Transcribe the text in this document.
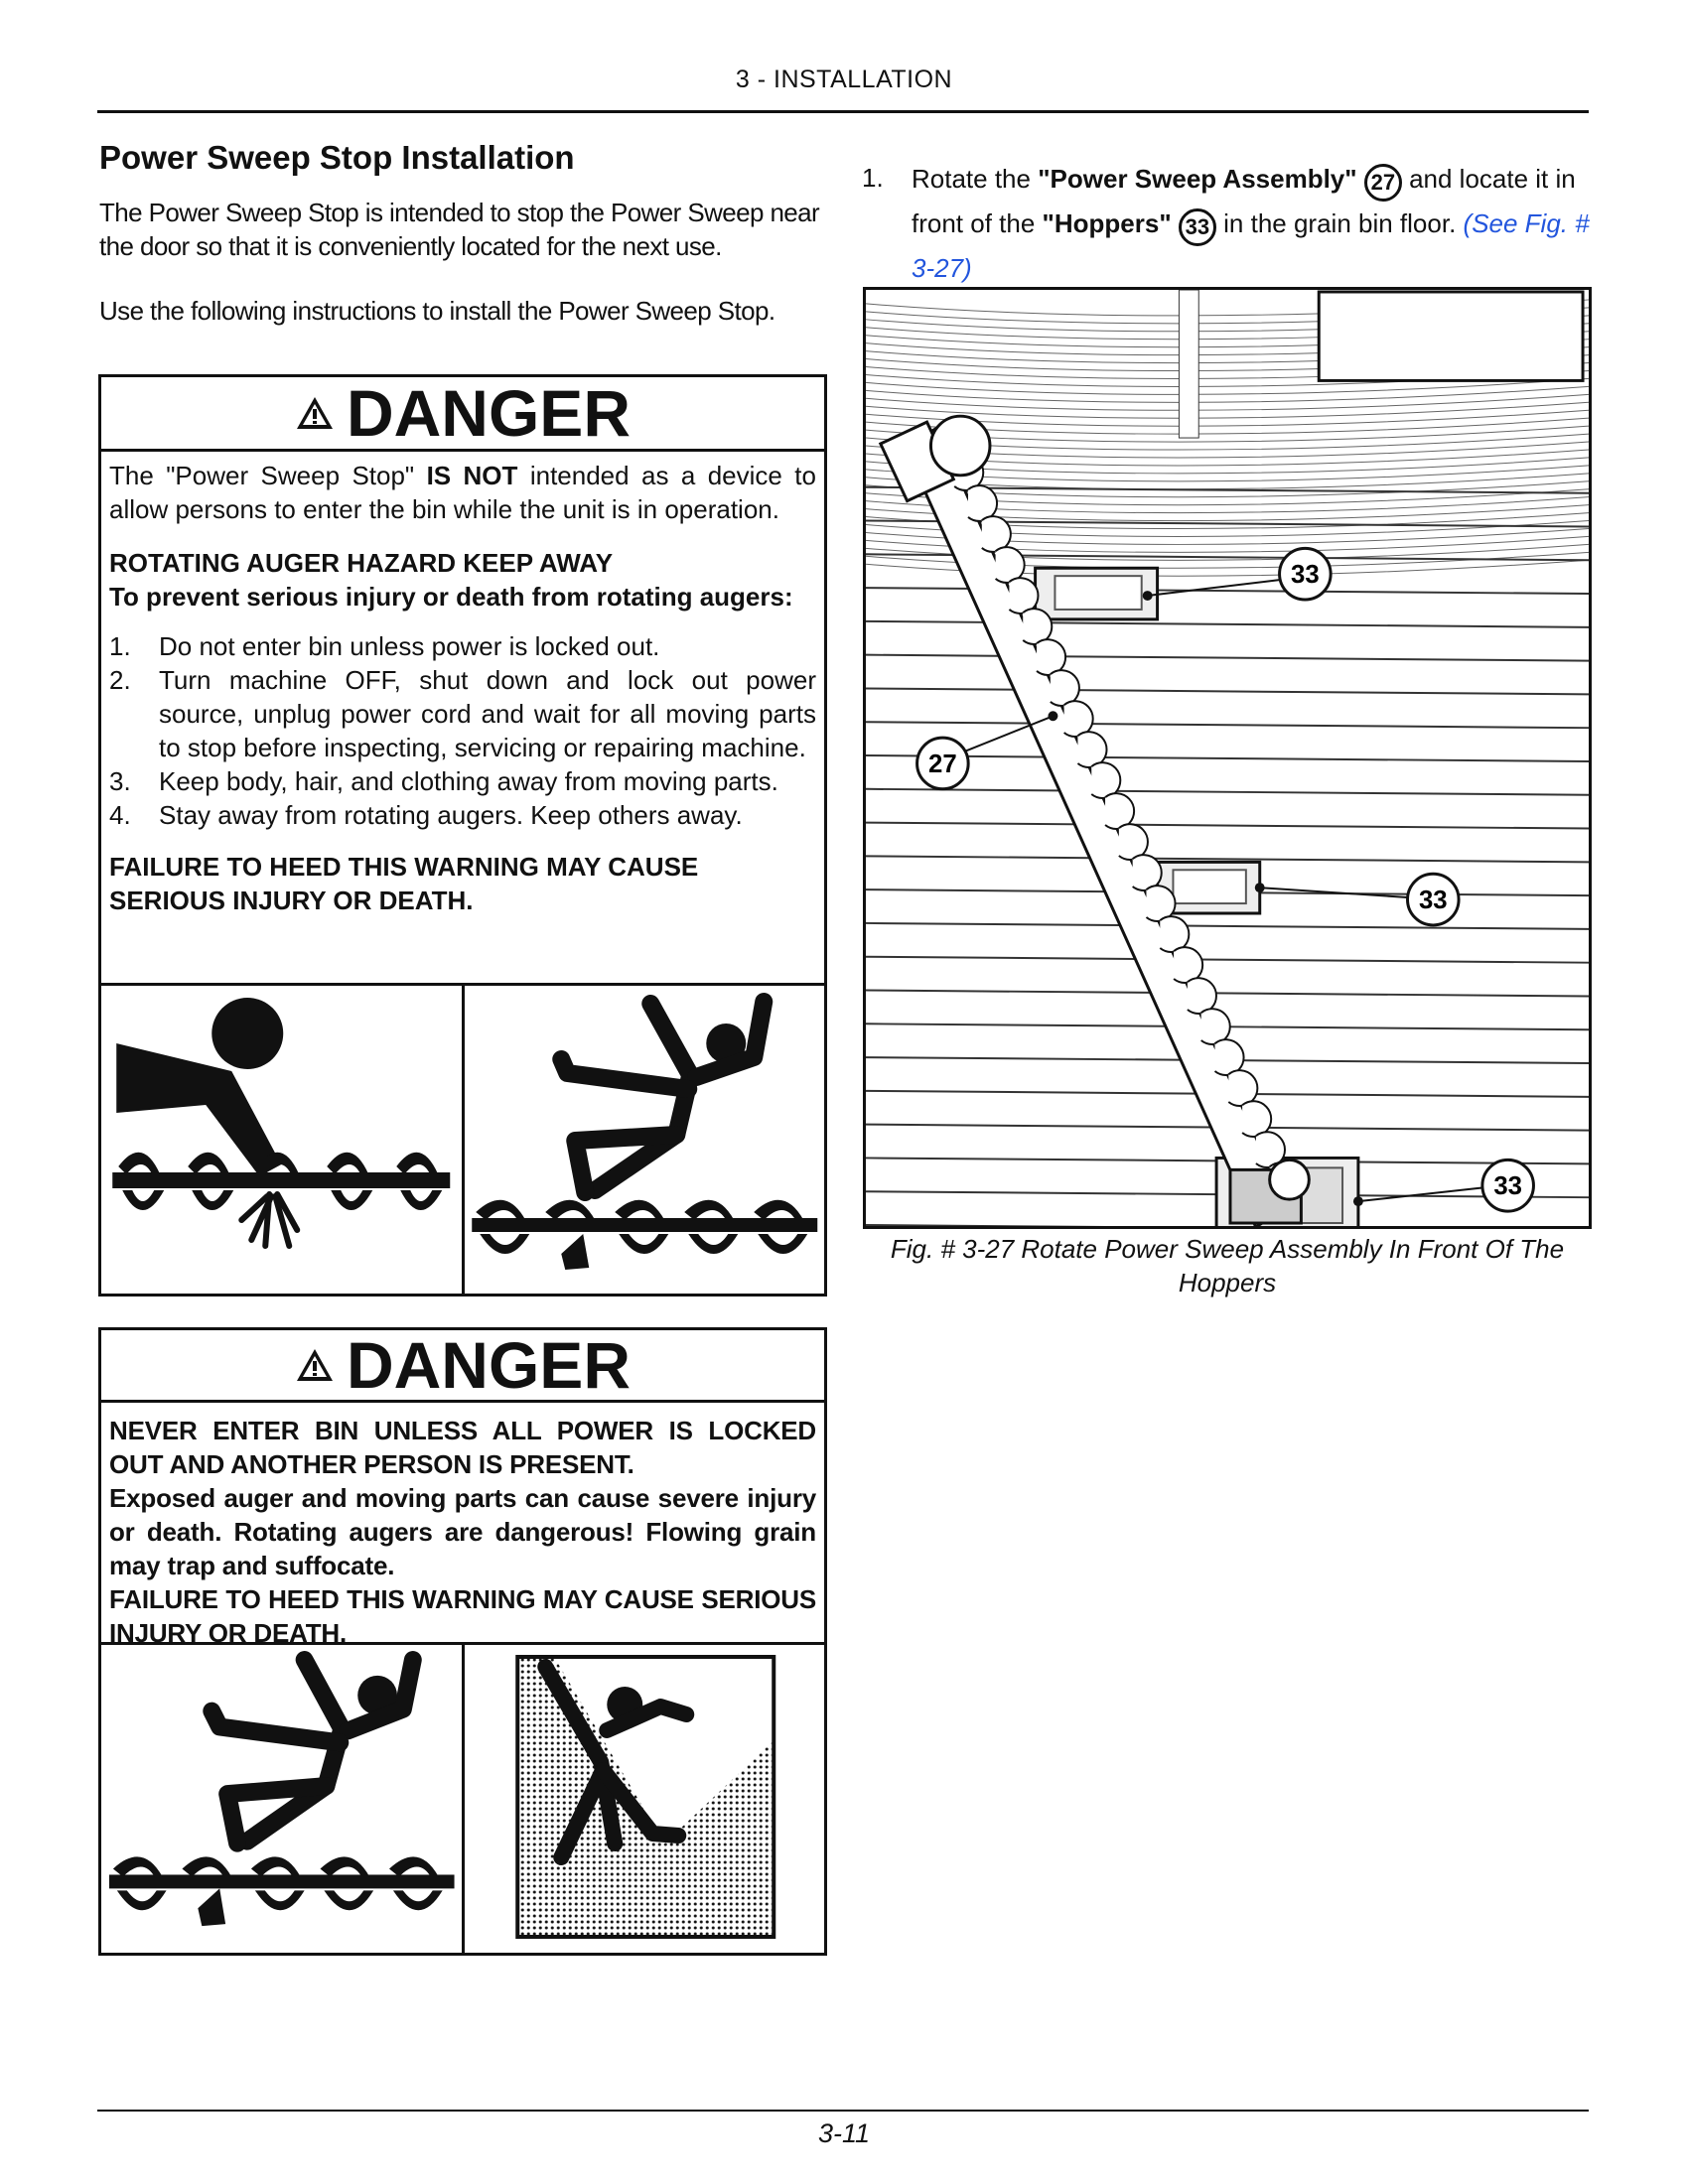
3 - INSTALLATION
Power Sweep Stop Installation
The Power Sweep Stop is intended to stop the Power Sweep near the door so that it is conveniently located for the next use.
Use the following instructions to install the Power Sweep Stop.
DANGER

The "Power Sweep Stop" IS NOT intended as a device to allow persons to enter the bin while the unit is in operation.

ROTATING AUGER HAZARD KEEP AWAY

To prevent serious injury or death from rotating augers:

1. Do not enter bin unless power is locked out.
2. Turn machine OFF, shut down and lock out power source, unplug power cord and wait for all moving parts to stop before inspecting, servicing or repairing machine.
3. Keep body, hair, and clothing away from moving parts.
4. Stay away from rotating augers. Keep others away.

FAILURE TO HEED THIS WARNING MAY CAUSE SERIOUS INJURY OR DEATH.

DANGER

NEVER ENTER BIN UNLESS ALL POWER IS LOCKED OUT AND ANOTHER PERSON IS PRESENT.

Exposed auger and moving parts can cause severe injury or death. Rotating augers are dangerous! Flowing grain may trap and suffocate.

FAILURE TO HEED THIS WARNING MAY CAUSE SERIOUS INJURY OR DEATH.

1. Rotate the "Power Sweep Assembly" 27 and locate it in front of the "Hoppers" 33 in the grain bin floor. (See Fig. # 3-27)
33
27
33
33
Fig. # 3-27 Rotate Power Sweep Assembly In Front Of The Hoppers
3-11
